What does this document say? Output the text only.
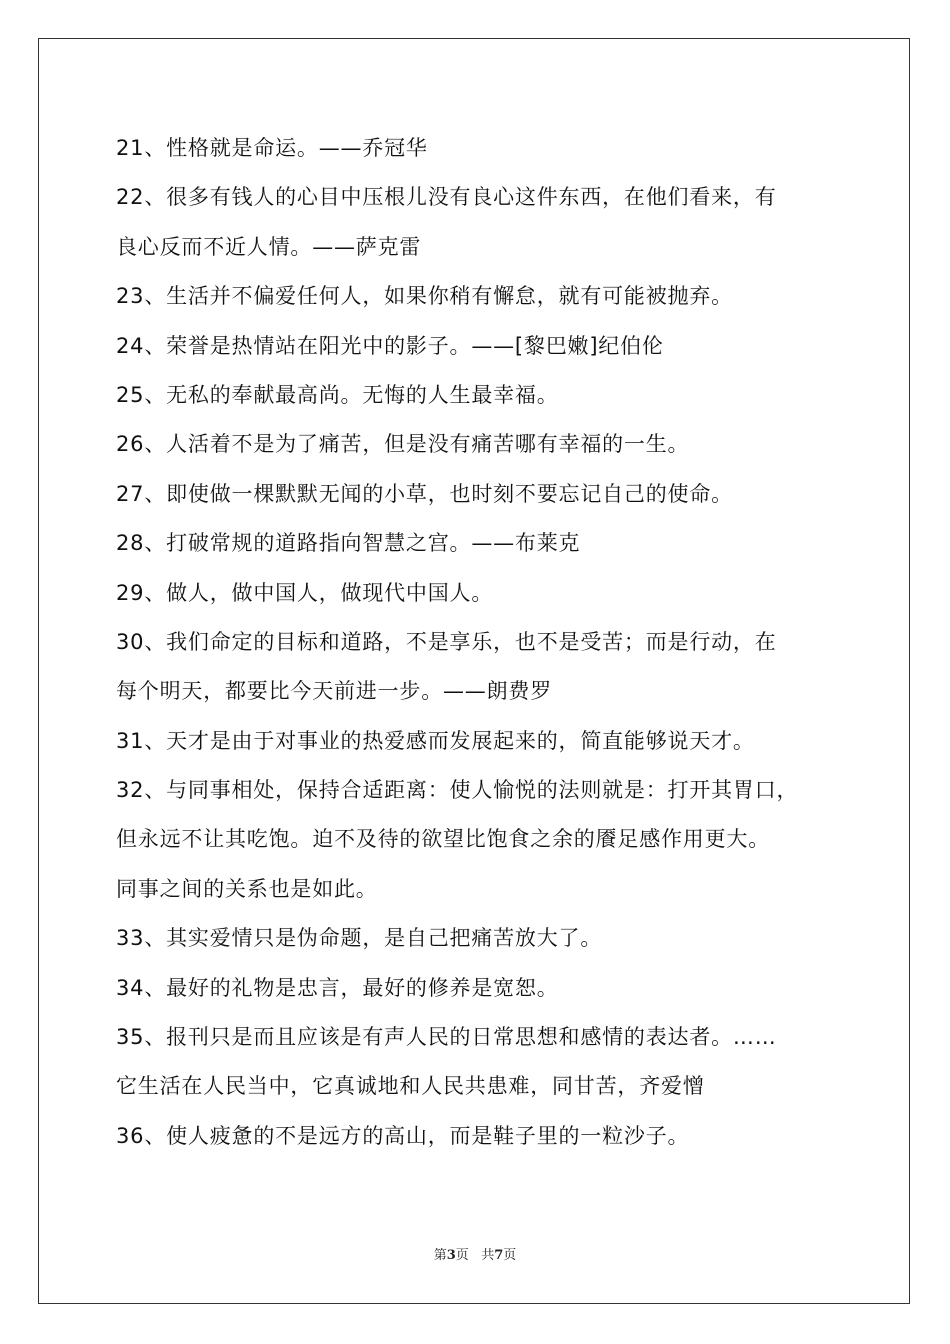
21、性格就是命运。——乔冠华
22、很多有钱人的心目中压根儿没有良心这件东西，在他们看来，有
良心反而不近人情。——萨克雷
23、生活并不偏爱任何人，如果你稍有懈怠，就有可能被抛弃。
24、荣誉是热情站在阳光中的影子。——[黎巴嫩]纪伯伦
25、无私的奉献最高尚。无悔的人生最幸福。
26、人活着不是为了痛苦，但是没有痛苦哪有幸福的一生。
27、即使做一棵默默无闻的小草，也时刻不要忘记自己的使命。
28、打破常规的道路指向智慧之宫。——布莱克
29、做人，做中国人，做现代中国人。
30、我们命定的目标和道路，不是享乐，也不是受苦；而是行动，在
每个明天，都要比今天前进一步。——朗费罗
31、天才是由于对事业的热爱感而发展起来的，简直能够说天才。
32、与同事相处，保持合适距离：使人愉悦的法则就是：打开其胃口，
但永远不让其吃饱。迫不及待的欲望比饱食之余的餍足感作用更大。
同事之间的关系也是如此。
33、其实爱情只是伪命题，是自己把痛苦放大了。
34、最好的礼物是忠言，最好的修养是宽恕。
35、报刊只是而且应该是有声人民的日常思想和感情的表达者。……
它生活在人民当中，它真诚地和人民共患难，同甘苦，齐爱憎
36、使人疲惫的不是远方的高山，而是鞋子里的一粒沙子。
第3页 共7页
